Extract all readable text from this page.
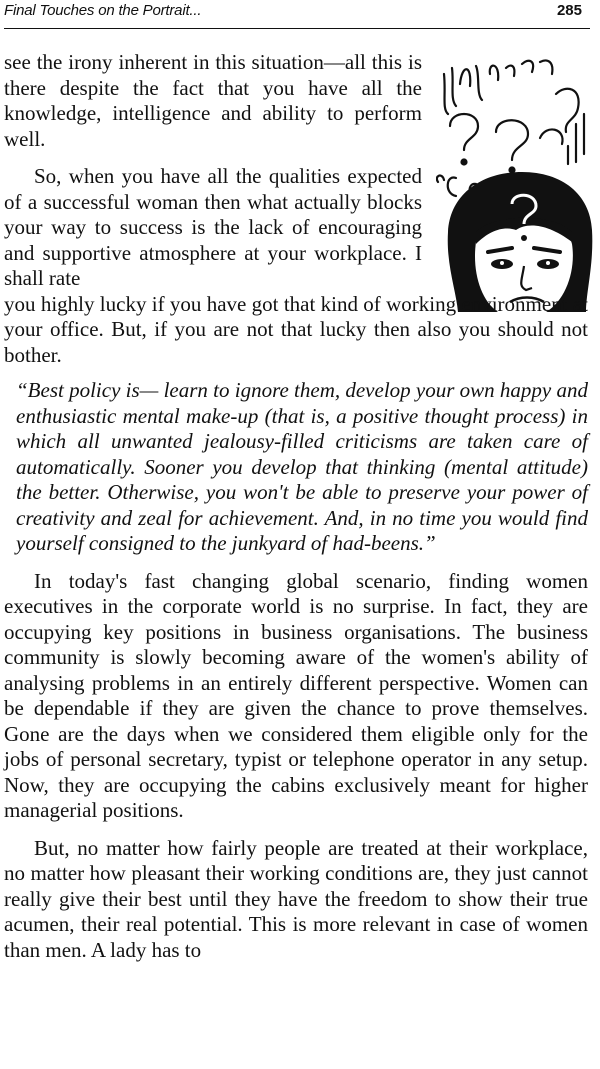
Final Touches on the Portrait...	285

see the irony inherent in this situation—all this is there despite the fact that you have all the knowledge, intelligence and ability to perform well.

So, when you have all the qualities expected of a successful woman then what actually blocks your way to success is the lack of encouraging and supportive atmosphere at your workplace. I shall rate

you highly lucky if you have got that kind of working environment at your office. But, if you are not that lucky then also you should not bother.

“Best policy is— learn to ignore them, develop your own happy and enthusiastic mental make-up (that is, a positive thought process) in which all unwanted jealousy-filled criticisms are taken care of automatically. Sooner you develop that thinking (mental attitude) the better. Otherwise, you won't be able to preserve your power of creativity and zeal for achievement. And, in no time you would find yourself consigned to the junkyard of had-beens.”

In today's fast changing global scenario, finding women executives in the corporate world is no surprise. In fact, they are occupying key positions in business organisations. The business community is slowly becoming aware of the women's ability of analysing problems in an entirely different perspective. Women can be dependable if they are given the chance to prove themselves. Gone are the days when we considered them eligible only for the jobs of personal secretary, typist or telephone operator in any setup. Now, they are occupying the cabins exclusively meant for higher managerial positions.

But, no matter how fairly people are treated at their workplace, no matter how pleasant their working conditions are, they just cannot really give their best until they have the freedom to show their true acumen, their real potential. This is more relevant in case of women than men. A lady has to
